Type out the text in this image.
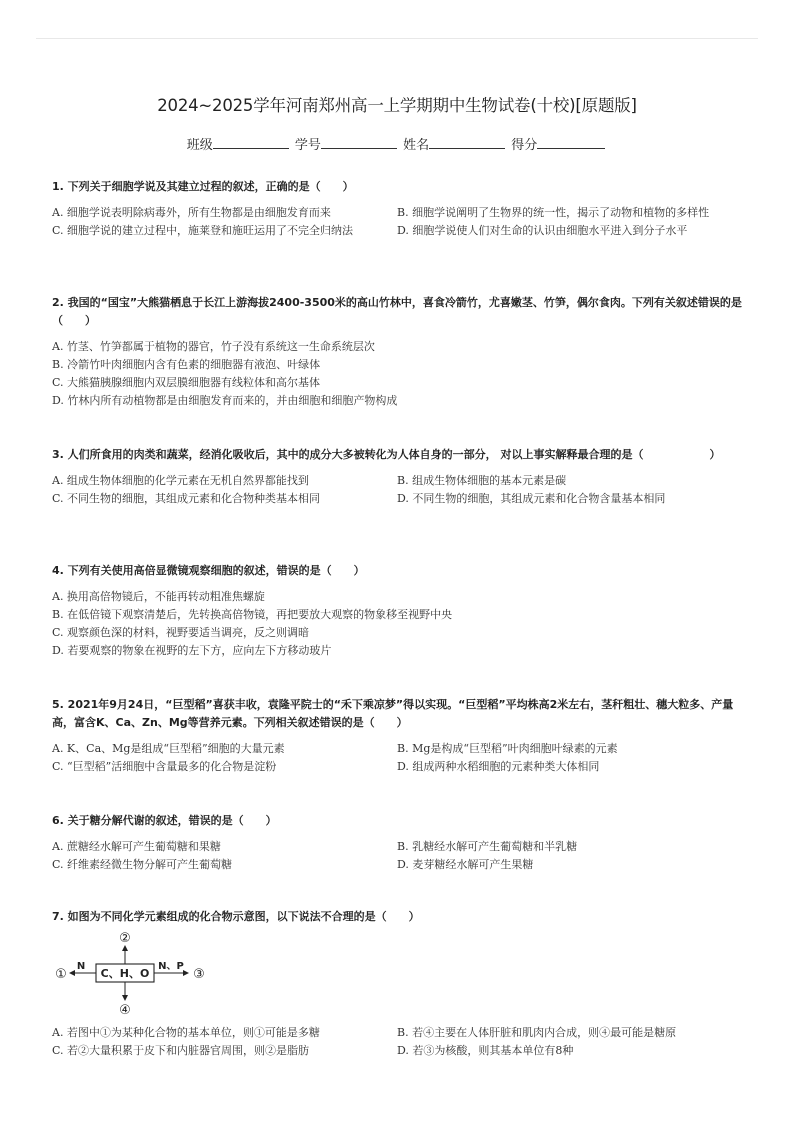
2024~2025学年河南郑州高一上学期期中生物试卷(十校)[原题版]
班级	学号	姓名	得分
1. 下列关于细胞学说及其建立过程的叙述，正确的是（　　）
A. 细胞学说表明除病毒外，所有生物都是由细胞发育而来	B. 细胞学说阐明了生物界的统一性，揭示了动物和植物的多样性
C. 细胞学说的建立过程中，施莱登和施旺运用了不完全归纳法	D. 细胞学说使人们对生命的认识由细胞水平进入到分子水平
2. 我国的“国宝”大熊猫栖息于长江上游海拔2400-3500米的高山竹林中，喜食冷箭竹，尤喜嫩茎、竹笋，偶尔食肉。下列有关叙述错误的是（　　）
A. 竹茎、竹笋都属于植物的器官，竹子没有系统这一生命系统层次
B. 冷箭竹叶肉细胞内含有色素的细胞器有液泡、叶绿体
C. 大熊猫胰腺细胞内双层膜细胞器有线粒体和高尔基体
D. 竹林内所有动植物都是由细胞发育而来的，并由细胞和细胞产物构成
3. 人们所食用的肉类和蔬菜，经消化吸收后，其中的成分大多被转化为人体自身的一部分， 对以上事实解释最合理的是（　　　　　　）
A. 组成生物体细胞的化学元素在无机自然界都能找到	B. 组成生物体细胞的基本元素是碳
C. 不同生物的细胞，其组成元素和化合物种类基本相同	D. 不同生物的细胞，其组成元素和化合物含量基本相同
4. 下列有关使用高倍显微镜观察细胞的叙述，错误的是（　　）
A. 换用高倍物镜后，不能再转动粗准焦螺旋
B. 在低倍镜下观察清楚后，先转换高倍物镜，再把要放大观察的物象移至视野中央
C. 观察颜色深的材料，视野要适当调亮，反之则调暗
D. 若要观察的物象在视野的左下方，应向左下方移动玻片
5. 2021年9月24日，“巨型稻”喜获丰收，袁隆平院士的“禾下乘凉梦”得以实现。“巨型稻”平均株高2米左右，茎秆粗壮、穗大粒多、产量高，富含K、Ca、Zn、Mg等营养元素。下列相关叙述错误的是（　　）
A. K、Ca、Mg是组成“巨型稻”细胞的大量元素	B. Mg是构成“巨型稻”叶肉细胞叶绿素的元素
C. “巨型稻”活细胞中含量最多的化合物是淀粉	D. 组成两种水稻细胞的元素种类大体相同
6. 关于糖分解代谢的叙述，错误的是（　　）
A. 蔗糖经水解可产生葡萄糖和果糖	B. 乳糖经水解可产生葡萄糖和半乳糖
C. 纤维素经微生物分解可产生葡萄糖	D. 麦芽糖经水解可产生果糖
7. 如图为不同化学元素组成的化合物示意图，以下说法不合理的是（　　）
C、H、O
②
④
N
①
N、P
③
A. 若图中①为某种化合物的基本单位，则①可能是多糖	B. 若④主要在人体肝脏和肌肉内合成，则④最可能是糖原
C. 若②大量积累于皮下和内脏器官周围，则②是脂肪	D. 若③为核酸，则其基本单位有8种
